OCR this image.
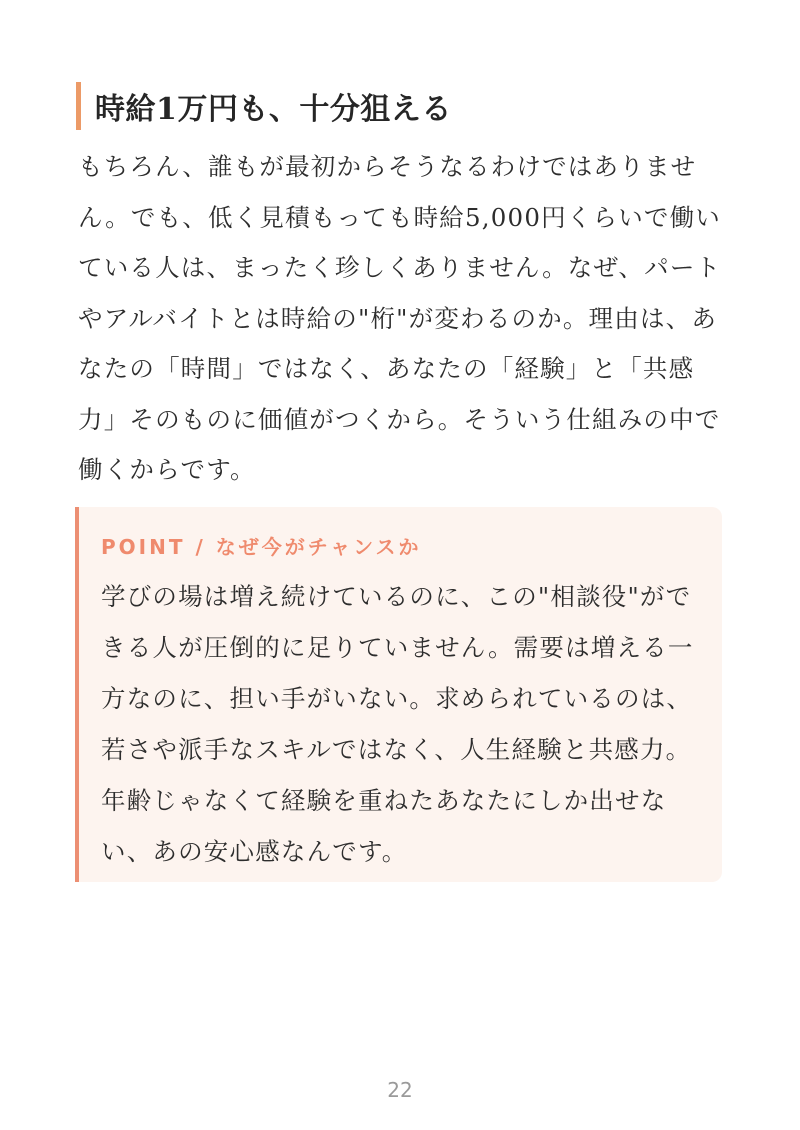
時給1万円も、十分狙える

もちろん、誰もが最初からそうなるわけではありませ
ん。でも、低く見積もっても時給5,000円くらいで働い
ている人は、まったく珍しくありません。なぜ、パート
やアルバイトとは時給の"桁"が変わるのか。理由は、あ
なたの「時間」ではなく、あなたの「経験」と「共感
力」そのものに価値がつくから。そういう仕組みの中で
働くからです。

POINT / なぜ今がチャンスか

学びの場は増え続けているのに、この"相談役"がで
きる人が圧倒的に足りていません。需要は増える一
方なのに、担い手がいない。求められているのは、
若さや派手なスキルではなく、人生経験と共感力。
年齢じゃなくて経験を重ねたあなたにしか出せな
い、あの安心感なんです。

22
